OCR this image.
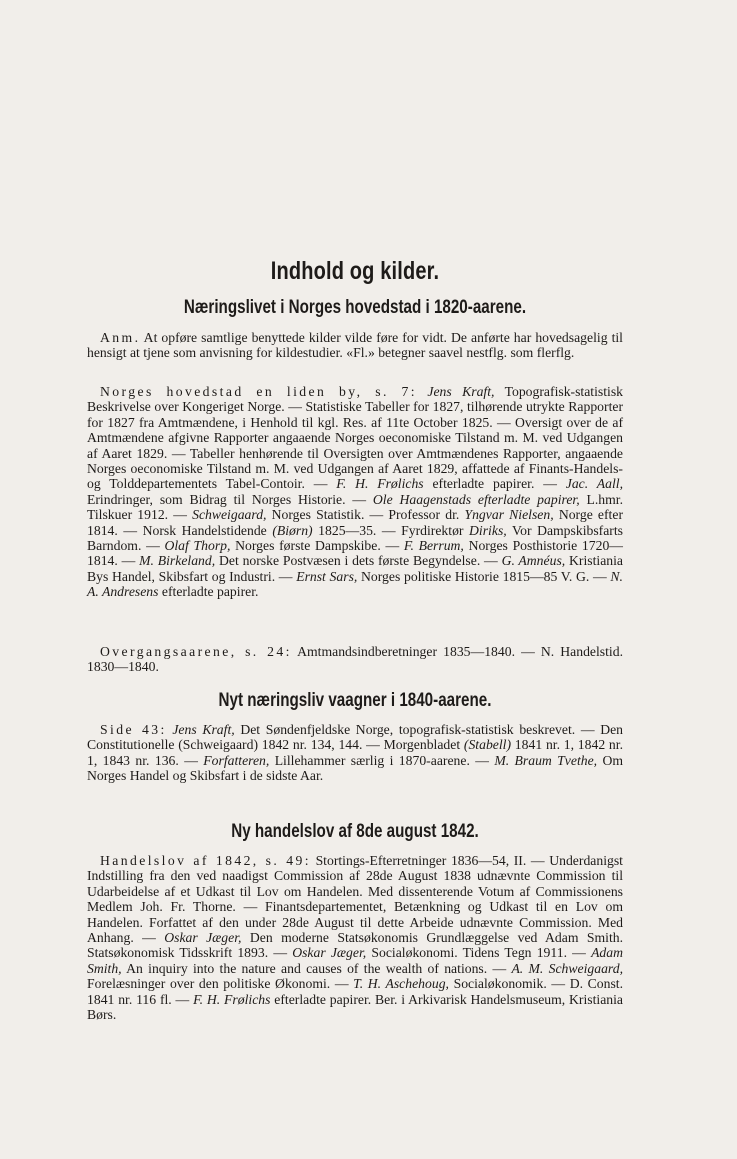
Indhold og kilder.
Næringslivet i Norges hovedstad i 1820-aarene.

Anm. At opføre samtlige benyttede kilder vilde føre for vidt. De anførte har hovedsagelig til hensigt at tjene som anvisning for kildestudier. «Fl.» betegner saavel nestflg. som flerflg.

Norges hovedstad en liden by, s. 7: Jens Kraft, Topografisk-statistisk Beskrivelse over Kongeriget Norge. — Statistiske Tabeller for 1827, tilhørende utrykte Rapporter for 1827 fra Amtmændene, i Henhold til kgl. Res. af 11te October 1825. — Oversigt over de af Amtmændene afgivne Rapporter angaaende Norges oeconomiske Tilstand m. M. ved Udgangen af Aaret 1829. — Tabeller henhørende til Oversigten over Amtmændenes Rapporter, angaaende Norges oeconomiske Tilstand m. M. ved Udgangen af Aaret 1829, affattede af Finants-Handels- og Tolddepartementets Tabel-Contoir. — F. H. Frølichs efterladte papirer. — Jac. Aall, Erindringer, som Bidrag til Norges Historie. — Ole Haagenstads efterladte papirer, L.hmr. Tilskuer 1912. — Schweigaard, Norges Statistik. — Professor dr. Yngvar Nielsen, Norge efter 1814. — Norsk Handelstidende (Biørn) 1825—35. — Fyrdirektør Diriks, Vor Dampskibsfarts Barndom. — Olaf Thorp, Norges første Dampskibe. — F. Berrum, Norges Posthistorie 1720—1814. — M. Birkeland, Det norske Postvæsen i dets første Begyndelse. — G. Amnéus, Kristiania Bys Handel, Skibsfart og Industri. — Ernst Sars, Norges politiske Historie 1815—85 V. G. — N. A. Andresens efterladte papirer.

Overgangsaarene, s. 24: Amtmandsindberetninger 1835—1840. — N. Handelstid. 1830—1840.

Nyt næringsliv vaagner i 1840-aarene.

Side 43: Jens Kraft, Det Søndenfjeldske Norge, topografisk-statistisk beskrevet. — Den Constitutionelle (Schweigaard) 1842 nr. 134, 144. — Morgenbladet (Stabell) 1841 nr. 1, 1842 nr. 1, 1843 nr. 136. — Forfatteren, Lillehammer særlig i 1870-aarene. — M. Braum Tvethe, Om Norges Handel og Skibsfart i de sidste Aar.

Ny handelslov af 8de august 1842.

Handelslov af 1842, s. 49: Stortings-Efterretninger 1836—54, II. — Underdanigst Indstilling fra den ved naadigst Commission af 28de August 1838 udnævnte Commission til Udarbeidelse af et Udkast til Lov om Handelen. Med dissenterende Votum af Commissionens Medlem Joh. Fr. Thorne. — Finantsdepartementet, Betænkning og Udkast til en Lov om Handelen. Forfattet af den under 28de August til dette Arbeide udnævnte Commission. Med Anhang. — Oskar Jæger, Den moderne Statsøkonomis Grundlæggelse ved Adam Smith. Statsøkonomisk Tidsskrift 1893. — Oskar Jæger, Socialøkonomi. Tidens Tegn 1911. — Adam Smith, An inquiry into the nature and causes of the wealth of nations. — A. M. Schweigaard, Forelæsninger over den politiske Økonomi. — T. H. Aschehoug, Socialøkonomik. — D. Const. 1841 nr. 116 fl. — F. H. Frølichs efterladte papirer. Ber. i Arkivarisk Handelsmuseum, Kristiania Børs.
